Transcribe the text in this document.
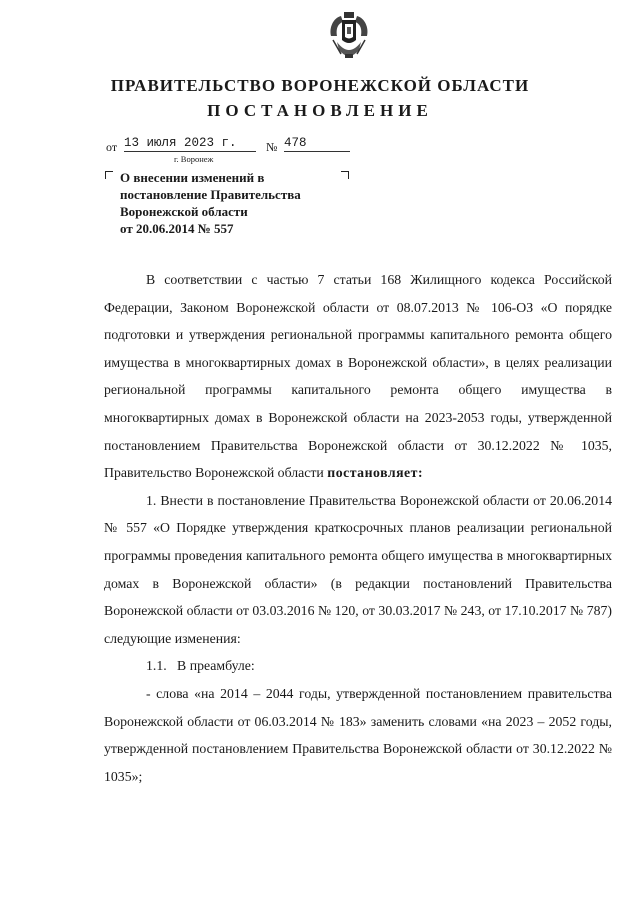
ПРАВИТЕЛЬСТВО ВОРОНЕЖСКОЙ ОБЛАСТИ
ПОСТАНОВЛЕНИЕ
от 13 июля 2023 г.	№ 478
г. Воронеж
О внесении изменений в
постановление Правительства
Воронежской области
от 20.06.2014 № 557

В соответствии с частью 7 статьи 168 Жилищного кодекса Российской Федерации, Законом Воронежской области от 08.07.2013 № 106-ОЗ «О порядке подготовки и утверждения региональной программы капитального ремонта общего имущества в многоквартирных домах в Воронежской области», в целях реализации региональной программы капитального ремонта общего имущества в многоквартирных домах в Воронежской области на 2023-2053 годы, утвержденной постановлением Правительства Воронежской области от 30.12.2022 № 1035, Правительство Воронежской области постановляет:

1. Внести в постановление Правительства Воронежской области от 20.06.2014 № 557 «О Порядке утверждения краткосрочных планов реализации региональной программы проведения капитального ремонта общего имущества в многоквартирных домах в Воронежской области» (в редакции постановлений Правительства Воронежской области от 03.03.2016 № 120, от 30.03.2017 № 243, от 17.10.2017 № 787) следующие изменения:

1.1.   В преамбуле:

- слова «на 2014 – 2044 годы, утвержденной постановлением правительства Воронежской области от 06.03.2014 № 183» заменить словами «на 2023 – 2052 годы, утвержденной постановлением Правительства Воронежской области от 30.12.2022 № 1035»;
